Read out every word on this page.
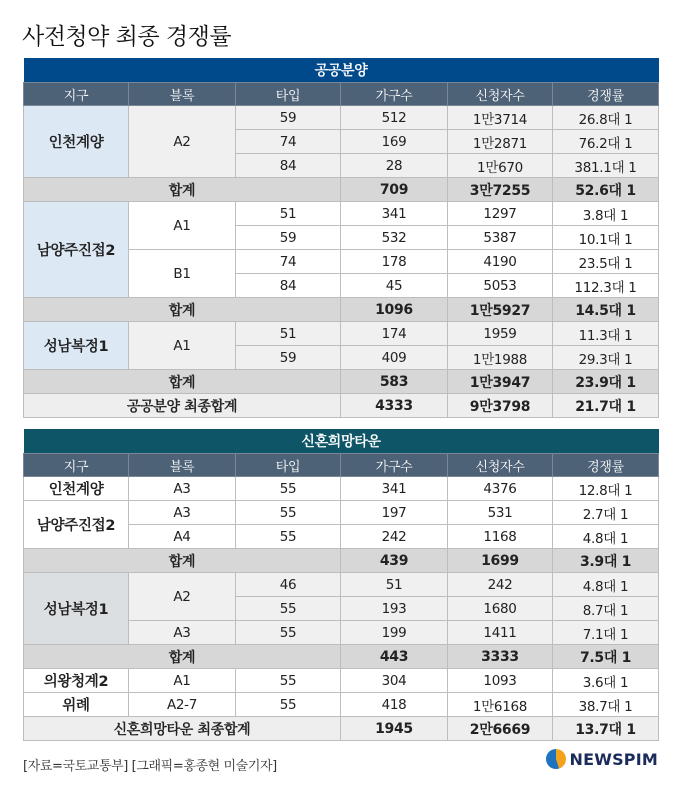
사전청약 최종 경쟁률
공공분양					
지구	블록	타입	가구수	신청자수	경쟁률
인천계양	A2	59	512	1만3714	26.8대 1
		74	169	1만2871	76.2대 1
		84	28	1만670	381.1대 1
합계			709	3만7255	52.6대 1
남양주진접2	A1	51	341	1297	3.8대 1
		59	532	5387	10.1대 1
	B1	74	178	4190	23.5대 1
		84	45	5053	112.3대 1
합계			1096	1만5927	14.5대 1
성남복정1	A1	51	174	1959	11.3대 1
		59	409	1만1988	29.3대 1
합계			583	1만3947	23.9대 1
공공분양 최종합계			4333	9만3798	21.7대 1
신혼희망타운					
지구	블록	타입	가구수	신청자수	경쟁률
인천계양	A3	55	341	4376	12.8대 1
남양주진접2	A3	55	197	531	2.7대 1
	A4	55	242	1168	4.8대 1
합계			439	1699	3.9대 1
성남복정1	A2	46	51	242	4.8대 1
		55	193	1680	8.7대 1
	A3	55	199	1411	7.1대 1
합계			443	3333	7.5대 1
의왕청계2	A1	55	304	1093	3.6대 1
위례	A2-7	55	418	1만6168	38.7대 1
신혼희망타운 최종합계			1945	2만6669	13.7대 1
[자료=국토교통부] [그래픽=홍종현 미술기자]	NEWSPIM
